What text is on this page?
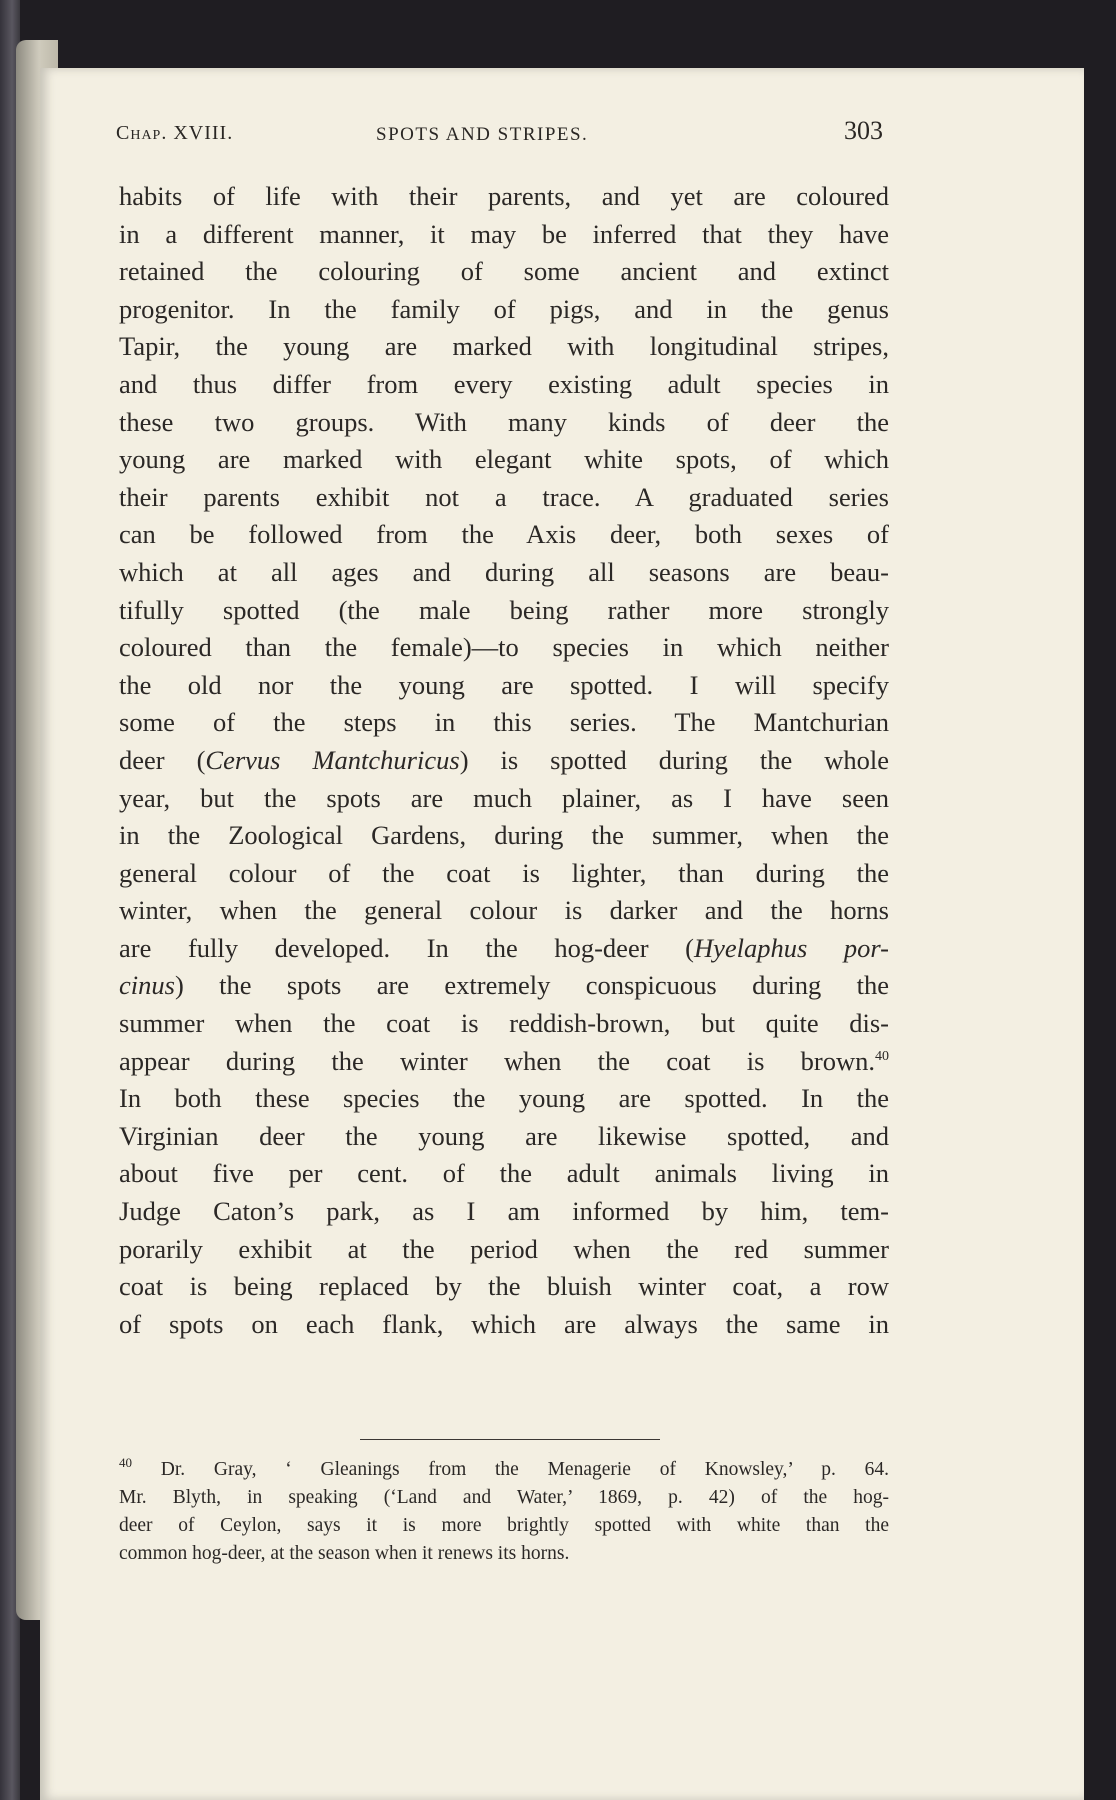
Chap. XVIII.	SPOTS AND STRIPES.	303
habits of life with their parents, and yet are coloured
in a different manner, it may be inferred that they have
retained the colouring of some ancient and extinct
progenitor. In the family of pigs, and in the genus
Tapir, the young are marked with longitudinal stripes,
and thus differ from every existing adult species in
these two groups. With many kinds of deer the
young are marked with elegant white spots, of which
their parents exhibit not a trace. A graduated series
can be followed from the Axis deer, both sexes of
which at all ages and during all seasons are beau-
tifully spotted (the male being rather more strongly
coloured than the female)—to species in which neither
the old nor the young are spotted. I will specify
some of the steps in this series. The Mantchurian
deer (Cervus Mantchuricus) is spotted during the whole
year, but the spots are much plainer, as I have seen
in the Zoological Gardens, during the summer, when the
general colour of the coat is lighter, than during the
winter, when the general colour is darker and the horns
are fully developed. In the hog-deer (Hyelaphus por-
cinus) the spots are extremely conspicuous during the
summer when the coat is reddish-brown, but quite dis-
appear during the winter when the coat is brown.$^{40}$
In both these species the young are spotted. In the
Virginian deer the young are likewise spotted, and
about five per cent. of the adult animals living in
Judge Caton’s park, as I am informed by him, tem-
porarily exhibit at the period when the red summer
coat is being replaced by the bluish winter coat, a row
of spots on each flank, which are always the same in
$^{40}$ Dr. Gray, ‘ Gleanings from the Menagerie of Knowsley,’ p. 64.
Mr. Blyth, in speaking (‘Land and Water,’ 1869, p. 42) of the hog-
deer of Ceylon, says it is more brightly spotted with white than the
common hog-deer, at the season when it renews its horns.
